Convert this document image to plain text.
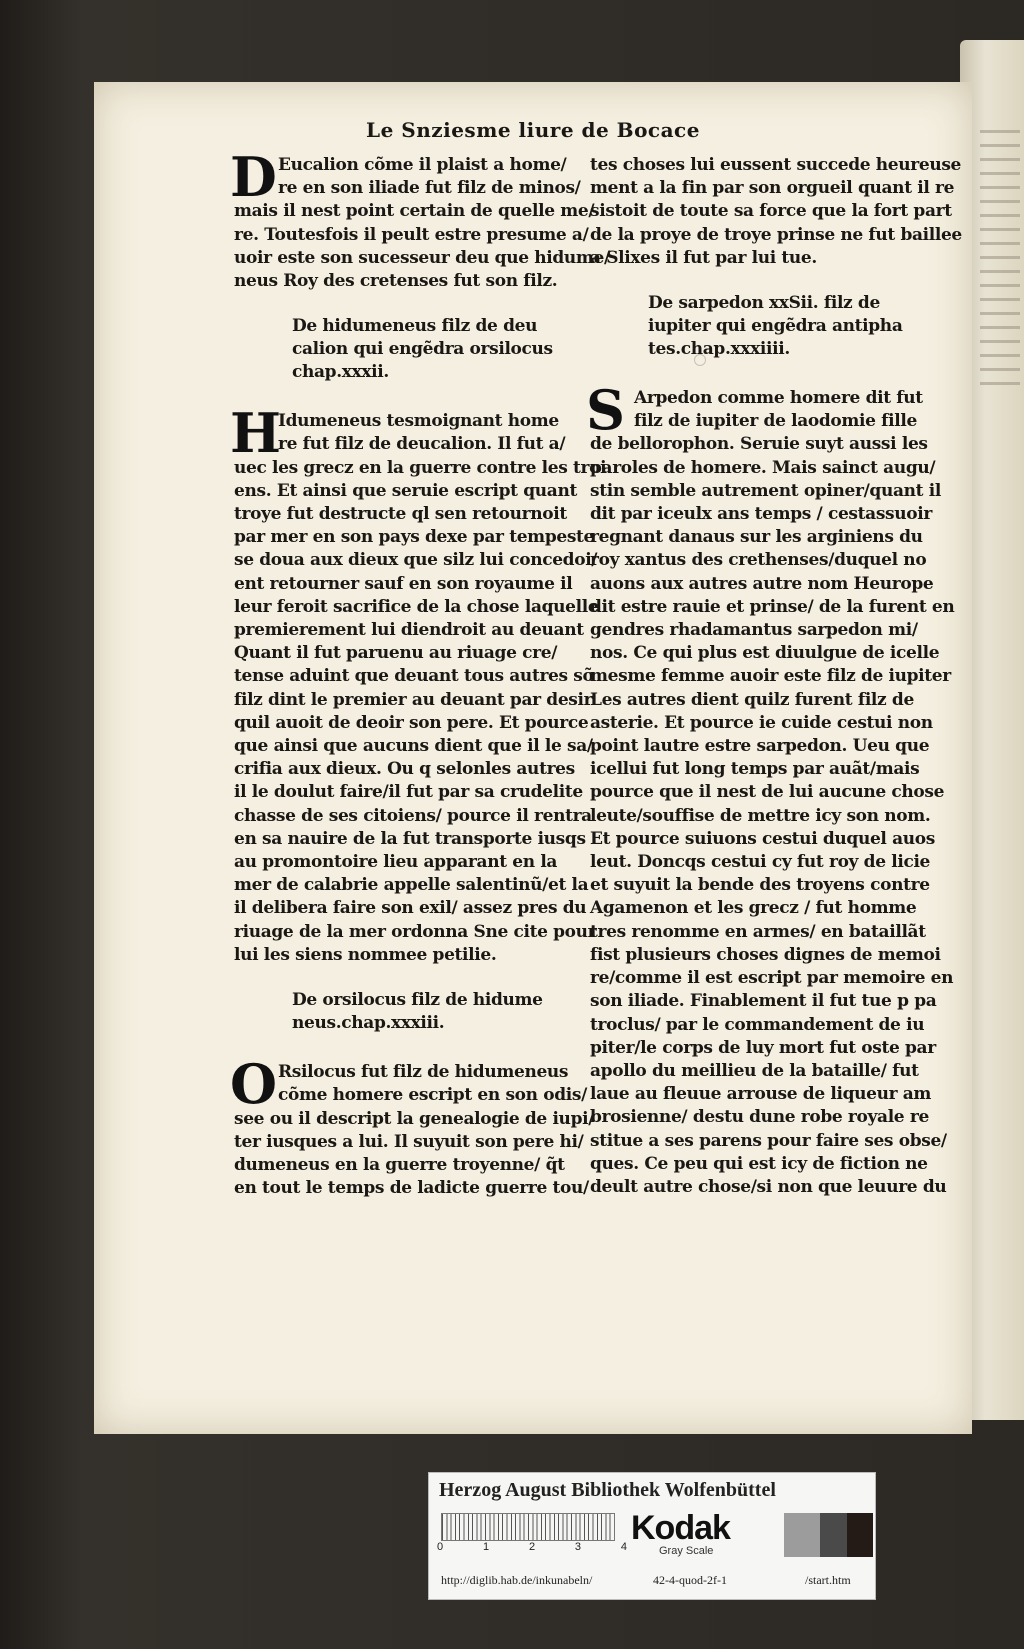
Le Snziesme liure de Bocace
D Eucalion cõme il plaist a home/
re en son iliade fut filz de minos/
mais il nest point certain de quelle me/
re. Toutesfois il peult estre presume a/
uoir este son sucesseur deu que hidume/
neus Roy des cretenses fut son filz.
De hidumeneus filz de deu
calion qui engẽdra orsilocus
chap.xxxii.
H
Idumeneus tesmoignant home
re fut filz de deucalion. Il fut a/
uec les grecz en la guerre contre les troi
ens. Et ainsi que seruie escript quant
troye fut destructe ql sen retournoit
par mer en son pays dexe par tempeste
se doua aux dieux que silz lui concedoi/
ent retourner sauf en son royaume il
leur feroit sacrifice de la chose laquelle
premierement lui diendroit au deuant
Quant il fut paruenu au riuage cre/
tense aduint que deuant tous autres sõ
filz dint le premier au deuant par desir
quil auoit de deoir son pere. Et pource
que ainsi que aucuns dient que il le sa/
crifia aux dieux. Ou q selonles autres
il le doulut faire/il fut par sa crudelite
chasse de ses citoiens/ pource il rentra
en sa nauire de la fut transporte iusqs
au promontoire lieu apparant en la
mer de calabrie appelle salentinũ/et la
il delibera faire son exil/ assez pres du
riuage de la mer ordonna Sne cite pour
lui les siens nommee petilie.
De orsilocus filz de hidume
neus.chap.xxxiii.
O Rsilocus fut filz de hidumeneus
cõme homere escript en son odis/
see ou il descript la genealogie de iupi/
ter iusques a lui. Il suyuit son pere hi/
dumeneus en la guerre troyenne/ q̃t
en tout le temps de ladicte guerre tou/
tes choses lui eussent succede heureuse
ment a la fin par son orgueil quant il re
sistoit de toute sa force que la fort part
de la proye de troye prinse ne fut baillee
a Slixes il fut par lui tue.
De sarpedon xxSii. filz de
iupiter qui engẽdra antipha
tes.chap.xxxiiii.
S Arpedon comme homere dit fut
filz de iupiter de laodomie fille
de bellorophon. Seruie suyt aussi les
paroles de homere. Mais sainct augu/
stin semble autrement opiner/quant il
dit par iceulx ans temps / cestassuoir
regnant danaus sur les arginiens du
roy xantus des crethenses/duquel no
auons aux autres autre nom Heurope
dit estre rauie et prinse/ de la furent en
gendres rhadamantus sarpedon mi/
nos. Ce qui plus est diuulgue de icelle
mesme femme auoir este filz de iupiter
Les autres dient quilz furent filz de
asterie. Et pource ie cuide cestui non
point lautre estre sarpedon. Ueu que
icellui fut long temps par auãt/mais
pource que il nest de lui aucune chose
leute/souffise de mettre icy son nom.
Et pource suiuons cestui duquel auos
leut. Doncqs cestui cy fut roy de licie
et suyuit la bende des troyens contre
Agamenon et les grecz / fut homme
tres renomme en armes/ en bataillãt
fist plusieurs choses dignes de memoi
re/comme il est escript par memoire en
son iliade. Finablement il fut tue p pa
troclus/ par le commandement de iu
piter/le corps de luy mort fut oste par
apollo du meillieu de la bataille/ fut
laue au fleuue arrouse de liqueur am
brosienne/ destu dune robe royale re
stitue a ses parens pour faire ses obse/
ques. Ce peu qui est icy de fiction ne
deult autre chose/si non que leuure du
Herzog August Bibliothek Wolfenbüttel
0	1	2	3	4 Kodak
Gray Scale
http://diglib.hab.de/inkunabeln/	42-4-quod-2f-1	/start.htm
